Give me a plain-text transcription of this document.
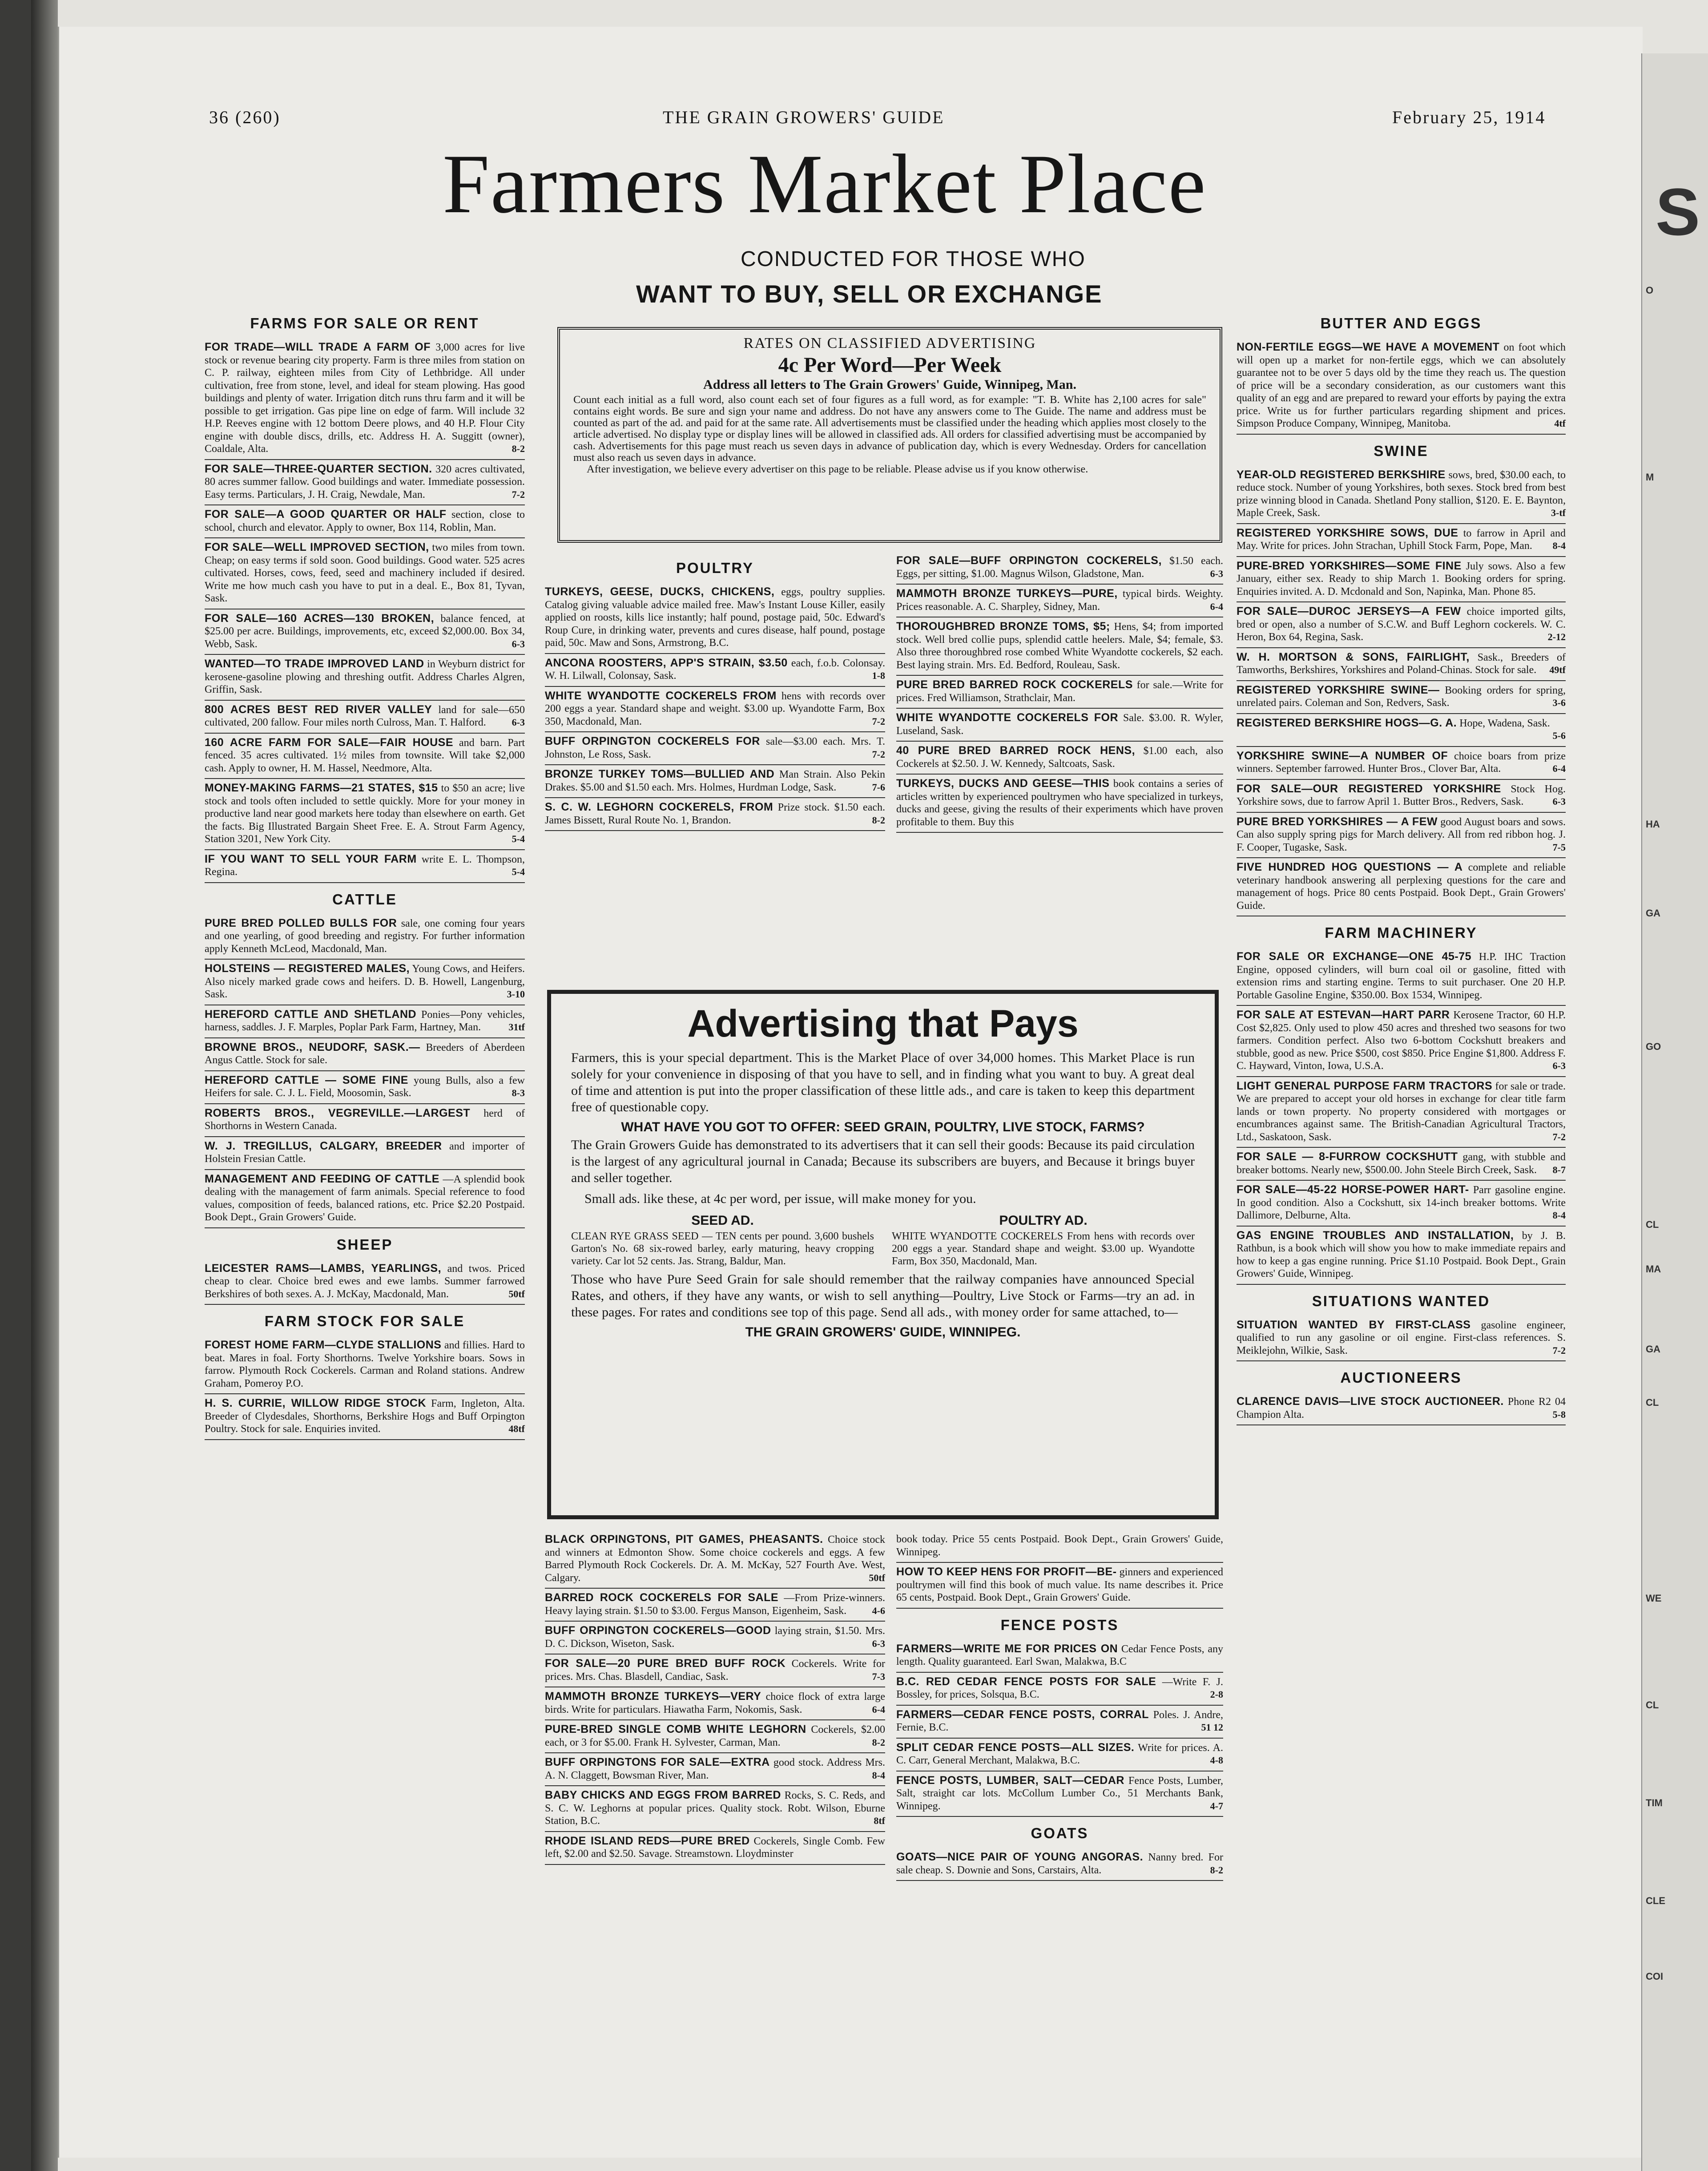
S
O
M
HA
GA
GO
CL
MA
GA
CL
WE
CL
TIM
CLE
COI
36 (260)	THE GRAIN GROWERS' GUIDE	February 25, 1914
Farmers Market Place
CONDUCTED FOR THOSE WHO
WANT TO BUY, SELL OR EXCHANGE
RATES ON CLASSIFIED ADVERTISING
4c Per Word—Per Week
Address all letters to The Grain Growers' Guide, Winnipeg, Man.

Count each initial as a full word, also count each set of four figures as a full word, as for example: "T. B. White has 2,100 acres for sale" contains eight words. Be sure and sign your name and address. Do not have any answers come to The Guide. The name and address must be counted as part of the ad. and paid for at the same rate. All advertisements must be classified under the heading which applies most closely to the article advertised. No display type or display lines will be allowed in classified ads. All orders for classified advertising must be accompanied by cash. Advertisements for this page must reach us seven days in advance of publication day, which is every Wednesday. Orders for cancellation must also reach us seven days in advance.

After investigation, we believe every advertiser on this page to be reliable. Please advise us if you know otherwise.

Advertising that Pays

Farmers, this is your special department. This is the Market Place of over 34,000 homes. This Market Place is run solely for your convenience in disposing of that you have to sell, and in finding what you want to buy. A great deal of time and attention is put into the proper classification of these little ads., and care is taken to keep this department free of questionable copy.

WHAT HAVE YOU GOT TO OFFER: SEED GRAIN, POULTRY, LIVE STOCK, FARMS?

The Grain Growers Guide has demonstrated to its advertisers that it can sell their goods: Because its paid circulation is the largest of any agricultural journal in Canada; Because its subscribers are buyers, and Because it brings buyer and seller together.

Small ads. like these, at 4c per word, per issue, will make money for you.

SEED AD.

CLEAN RYE GRASS SEED — TEN cents per pound. 3,600 bushels Garton's No. 68 six-rowed barley, early maturing, heavy cropping variety. Car lot 52 cents. Jas. Strang, Baldur, Man.

POULTRY AD.

WHITE WYANDOTTE COCKERELS From hens with records over 200 eggs a year. Standard shape and weight. $3.00 up. Wyandotte Farm, Box 350, Macdonald, Man.

Those who have Pure Seed Grain for sale should remember that the railway companies have announced Special Rates, and others, if they have any wants, or wish to sell anything—Poultry, Live Stock or Farms—try an ad. in these pages. For rates and conditions see top of this page. Send all ads., with money order for same attached, to—

THE GRAIN GROWERS' GUIDE, WINNIPEG.
FARMS FOR SALE OR RENT
FOR TRADE—WILL TRADE A FARM OF 3,000 acres for live stock or revenue bearing city property. Farm is three miles from station on C. P. railway, eighteen miles from City of Lethbridge. All under cultivation, free from stone, level, and ideal for steam plowing. Has good buildings and plenty of water. Irrigation ditch runs thru farm and it will be possible to get irrigation. Gas pipe line on edge of farm. Will include 32 H.P. Reeves engine with 12 bottom Deere plows, and 40 H.P. Flour City engine with double discs, drills, etc. Address H. A. Suggitt (owner), Coaldale, Alta.	8-2
FOR SALE—THREE-QUARTER SECTION. 320 acres cultivated, 80 acres summer fallow. Good buildings and water. Immediate possession. Easy terms. Particulars, J. H. Craig, Newdale, Man.	7-2
FOR SALE—A GOOD QUARTER OR HALF section, close to school, church and elevator. Apply to owner, Box 114, Roblin, Man.
FOR SALE—WELL IMPROVED SECTION, two miles from town. Cheap; on easy terms if sold soon. Good buildings. Good water. 525 acres cultivated. Horses, cows, feed, seed and machinery included if desired. Write me how much cash you have to put in a deal. E., Box 81, Tyvan, Sask.
FOR SALE—160 ACRES—130 BROKEN, balance fenced, at $25.00 per acre. Buildings, improvements, etc, exceed $2,000.00. Box 34, Webb, Sask.	6-3
WANTED—TO TRADE IMPROVED LAND in Weyburn district for kerosene-gasoline plowing and threshing outfit. Address Charles Algren, Griffin, Sask.
800 ACRES BEST RED RIVER VALLEY land for sale—650 cultivated, 200 fallow. Four miles north Culross, Man. T. Halford.	6-3
160 ACRE FARM FOR SALE—FAIR HOUSE and barn. Part fenced. 35 acres cultivated. 1½ miles from townsite. Will take $2,000 cash. Apply to owner, H. M. Hassel, Needmore, Alta.
MONEY-MAKING FARMS—21 STATES, $15 to $50 an acre; live stock and tools often included to settle quickly. More for your money in productive land near good markets here today than elsewhere on earth. Get the facts. Big Illustrated Bargain Sheet Free. E. A. Strout Farm Agency, Station 3201, New York City.	5-4
IF YOU WANT TO SELL YOUR FARM write E. L. Thompson, Regina.	5-4
CATTLE
PURE BRED POLLED BULLS FOR sale, one coming four years and one yearling, of good breeding and registry. For further information apply Kenneth McLeod, Macdonald, Man.
HOLSTEINS — REGISTERED MALES, Young Cows, and Heifers. Also nicely marked grade cows and heifers. D. B. Howell, Langenburg, Sask.	3-10
HEREFORD CATTLE AND SHETLAND Ponies—Pony vehicles, harness, saddles. J. F. Marples, Poplar Park Farm, Hartney, Man.	31tf
BROWNE BROS., NEUDORF, SASK.— Breeders of Aberdeen Angus Cattle. Stock for sale.
HEREFORD CATTLE — SOME FINE young Bulls, also a few Heifers for sale. C. J. L. Field, Moosomin, Sask.	8-3
ROBERTS BROS., VEGREVILLE.—LARGEST herd of Shorthorns in Western Canada.
W. J. TREGILLUS, CALGARY, BREEDER and importer of Holstein Fresian Cattle.
MANAGEMENT AND FEEDING OF CATTLE —A splendid book dealing with the management of farm animals. Special reference to food values, composition of feeds, balanced rations, etc. Price $2.20 Postpaid. Book Dept., Grain Growers' Guide.
SHEEP
LEICESTER RAMS—LAMBS, YEARLINGS, and twos. Priced cheap to clear. Choice bred ewes and ewe lambs. Summer farrowed Berkshires of both sexes. A. J. McKay, Macdonald, Man.	50tf
FARM STOCK FOR SALE
FOREST HOME FARM—CLYDE STALLIONS and fillies. Hard to beat. Mares in foal. Forty Shorthorns. Twelve Yorkshire boars. Sows in farrow. Plymouth Rock Cockerels. Carman and Roland stations. Andrew Graham, Pomeroy P.O.
H. S. CURRIE, WILLOW RIDGE STOCK Farm, Ingleton, Alta. Breeder of Clydesdales, Shorthorns, Berkshire Hogs and Buff Orpington Poultry. Stock for sale. Enquiries invited.	48tf
POULTRY
TURKEYS, GEESE, DUCKS, CHICKENS, eggs, poultry supplies. Catalog giving valuable advice mailed free. Maw's Instant Louse Killer, easily applied on roosts, kills lice instantly; half pound, postage paid, 50c. Edward's Roup Cure, in drinking water, prevents and cures disease, half pound, postage paid, 50c. Maw and Sons, Armstrong, B.C.
ANCONA ROOSTERS, APP'S STRAIN, $3.50 each, f.o.b. Colonsay. W. H. Lilwall, Colonsay, Sask.	1-8
WHITE WYANDOTTE COCKERELS FROM hens with records over 200 eggs a year. Standard shape and weight. $3.00 up. Wyandotte Farm, Box 350, Macdonald, Man.	7-2
BUFF ORPINGTON COCKERELS FOR sale—$3.00 each. Mrs. T. Johnston, Le Ross, Sask.	7-2
BRONZE TURKEY TOMS—BULLIED AND Man Strain. Also Pekin Drakes. $5.00 and $1.50 each. Mrs. Holmes, Hurdman Lodge, Sask.	7-6
S. C. W. LEGHORN COCKERELS, FROM Prize stock. $1.50 each. James Bissett, Rural Route No. 1, Brandon.	8-2
FOR SALE—BUFF ORPINGTON COCKERELS, $1.50 each. Eggs, per sitting, $1.00. Magnus Wilson, Gladstone, Man.	6-3
MAMMOTH BRONZE TURKEYS—PURE, typical birds. Weighty. Prices reasonable. A. C. Sharpley, Sidney, Man.	6-4
THOROUGHBRED BRONZE TOMS, $5; Hens, $4; from imported stock. Well bred collie pups, splendid cattle heelers. Male, $4; female, $3. Also three thoroughbred rose combed White Wyandotte cockerels, $2 each. Best laying strain. Mrs. Ed. Bedford, Rouleau, Sask.
PURE BRED BARRED ROCK COCKERELS for sale.—Write for prices. Fred Williamson, Strathclair, Man.
WHITE WYANDOTTE COCKERELS FOR Sale. $3.00. R. Wyler, Luseland, Sask.
40 PURE BRED BARRED ROCK HENS, $1.00 each, also Cockerels at $2.50. J. W. Kennedy, Saltcoats, Sask.
TURKEYS, DUCKS AND GEESE—THIS book contains a series of articles written by experienced poultrymen who have specialized in turkeys, ducks and geese, giving the results of their experiments which have proven profitable to them. Buy this
BLACK ORPINGTONS, PIT GAMES, PHEASANTS. Choice stock and winners at Edmonton Show. Some choice cockerels and eggs. A few Barred Plymouth Rock Cockerels. Dr. A. M. McKay, 527 Fourth Ave. West, Calgary.	50tf
BARRED ROCK COCKERELS FOR SALE —From Prize-winners. Heavy laying strain. $1.50 to $3.00. Fergus Manson, Eigenheim, Sask.	4-6
BUFF ORPINGTON COCKERELS—GOOD laying strain, $1.50. Mrs. D. C. Dickson, Wiseton, Sask.	6-3
FOR SALE—20 PURE BRED BUFF ROCK Cockerels. Write for prices. Mrs. Chas. Blasdell, Candiac, Sask.	7-3
MAMMOTH BRONZE TURKEYS—VERY choice flock of extra large birds. Write for particulars. Hiawatha Farm, Nokomis, Sask.	6-4
PURE-BRED SINGLE COMB WHITE LEGHORN Cockerels, $2.00 each, or 3 for $5.00. Frank H. Sylvester, Carman, Man.	8-2
BUFF ORPINGTONS FOR SALE—EXTRA good stock. Address Mrs. A. N. Claggett, Bowsman River, Man.	8-4
BABY CHICKS AND EGGS FROM BARRED Rocks, S. C. Reds, and S. C. W. Leghorns at popular prices. Quality stock. Robt. Wilson, Eburne Station, B.C.	8tf
RHODE ISLAND REDS—PURE BRED Cockerels, Single Comb. Few left, $2.00 and $2.50. Savage. Streamstown. Lloydminster
book today. Price 55 cents Postpaid. Book Dept., Grain Growers' Guide, Winnipeg.
HOW TO KEEP HENS FOR PROFIT—BE- ginners and experienced poultrymen will find this book of much value. Its name describes it. Price 65 cents, Postpaid. Book Dept., Grain Growers' Guide.
FENCE POSTS
FARMERS—WRITE ME FOR PRICES ON Cedar Fence Posts, any length. Quality guaranteed. Earl Swan, Malakwa, B.C
B.C. RED CEDAR FENCE POSTS FOR SALE —Write F. J. Bossley, for prices, Solsqua, B.C.	2-8
FARMERS—CEDAR FENCE POSTS, CORRAL Poles. J. Andre, Fernie, B.C.	51 12
SPLIT CEDAR FENCE POSTS—ALL SIZES. Write for prices. A. C. Carr, General Merchant, Malakwa, B.C.	4-8
FENCE POSTS, LUMBER, SALT—CEDAR Fence Posts, Lumber, Salt, straight car lots. McCollum Lumber Co., 51 Merchants Bank, Winnipeg.	4-7
GOATS
GOATS—NICE PAIR OF YOUNG ANGORAS. Nanny bred. For sale cheap. S. Downie and Sons, Carstairs, Alta.	8-2
BUTTER AND EGGS
NON-FERTILE EGGS—WE HAVE A MOVEMENT on foot which will open up a market for non-fertile eggs, which we can absolutely guarantee not to be over 5 days old by the time they reach us. The question of price will be a secondary consideration, as our customers want this quality of an egg and are prepared to reward your efforts by paying the extra price. Write us for further particulars regarding shipment and prices. Simpson Produce Company, Winnipeg, Manitoba.	4tf
SWINE
YEAR-OLD REGISTERED BERKSHIRE sows, bred, $30.00 each, to reduce stock. Number of young Yorkshires, both sexes. Stock bred from best prize winning blood in Canada. Shetland Pony stallion, $120. E. E. Baynton, Maple Creek, Sask.	3-tf
REGISTERED YORKSHIRE SOWS, DUE to farrow in April and May. Write for prices. John Strachan, Uphill Stock Farm, Pope, Man.	8-4
PURE-BRED YORKSHIRES—SOME FINE July sows. Also a few January, either sex. Ready to ship March 1. Booking orders for spring. Enquiries invited. A. D. Mcdonald and Son, Napinka, Man. Phone 85.
FOR SALE—DUROC JERSEYS—A FEW choice imported gilts, bred or open, also a number of S.C.W. and Buff Leghorn cockerels. W. C. Heron, Box 64, Regina, Sask.	2-12
W. H. MORTSON & SONS, FAIRLIGHT, Sask., Breeders of Tamworths, Berkshires, Yorkshires and Poland-Chinas. Stock for sale.	49tf
REGISTERED YORKSHIRE SWINE— Booking orders for spring, unrelated pairs. Coleman and Son, Redvers, Sask.	3-6
REGISTERED BERKSHIRE HOGS—G. A. Hope, Wadena, Sask.
5-6
YORKSHIRE SWINE—A NUMBER OF choice boars from prize winners. September farrowed. Hunter Bros., Clover Bar, Alta.	6-4
FOR SALE—OUR REGISTERED YORKSHIRE Stock Hog. Yorkshire sows, due to farrow April 1. Butter Bros., Redvers, Sask.	6-3
PURE BRED YORKSHIRES — A FEW good August boars and sows. Can also supply spring pigs for March delivery. All from red ribbon hog. J. F. Cooper, Tugaske, Sask.	7-5
FIVE HUNDRED HOG QUESTIONS — A complete and reliable veterinary handbook answering all perplexing questions for the care and management of hogs. Price 80 cents Postpaid. Book Dept., Grain Growers' Guide.
FARM MACHINERY
FOR SALE OR EXCHANGE—ONE 45-75 H.P. IHC Traction Engine, opposed cylinders, will burn coal oil or gasoline, fitted with extension rims and starting engine. Terms to suit purchaser. One 20 H.P. Portable Gasoline Engine, $350.00. Box 1534, Winnipeg.
FOR SALE AT ESTEVAN—HART PARR Kerosene Tractor, 60 H.P. Cost $2,825. Only used to plow 450 acres and threshed two seasons for two farmers. Condition perfect. Also two 6-bottom Cockshutt breakers and stubble, good as new. Price $500, cost $850. Price Engine $1,800. Address F. C. Hayward, Vinton, Iowa, U.S.A.	6-3
LIGHT GENERAL PURPOSE FARM TRACTORS for sale or trade. We are prepared to accept your old horses in exchange for clear title farm lands or town property. No property considered with mortgages or encumbrances against same. The British-Canadian Agricultural Tractors, Ltd., Saskatoon, Sask.	7-2
FOR SALE — 8-FURROW COCKSHUTT gang, with stubble and breaker bottoms. Nearly new, $500.00. John Steele Birch Creek, Sask.	8-7
FOR SALE—45-22 HORSE-POWER HART- Parr gasoline engine. In good condition. Also a Cockshutt, six 14-inch breaker bottoms. Write Dallimore, Delburne, Alta.	8-4
GAS ENGINE TROUBLES AND INSTALLATION, by J. B. Rathbun, is a book which will show you how to make immediate repairs and how to keep a gas engine running. Price $1.10 Postpaid. Book Dept., Grain Growers' Guide, Winnipeg.
SITUATIONS WANTED
SITUATION WANTED BY FIRST-CLASS gasoline engineer, qualified to run any gasoline or oil engine. First-class references. S. Meiklejohn, Wilkie, Sask.	7-2
AUCTIONEERS
CLARENCE DAVIS—LIVE STOCK AUCTIONEER. Phone R2 04 Champion Alta.	5-8
